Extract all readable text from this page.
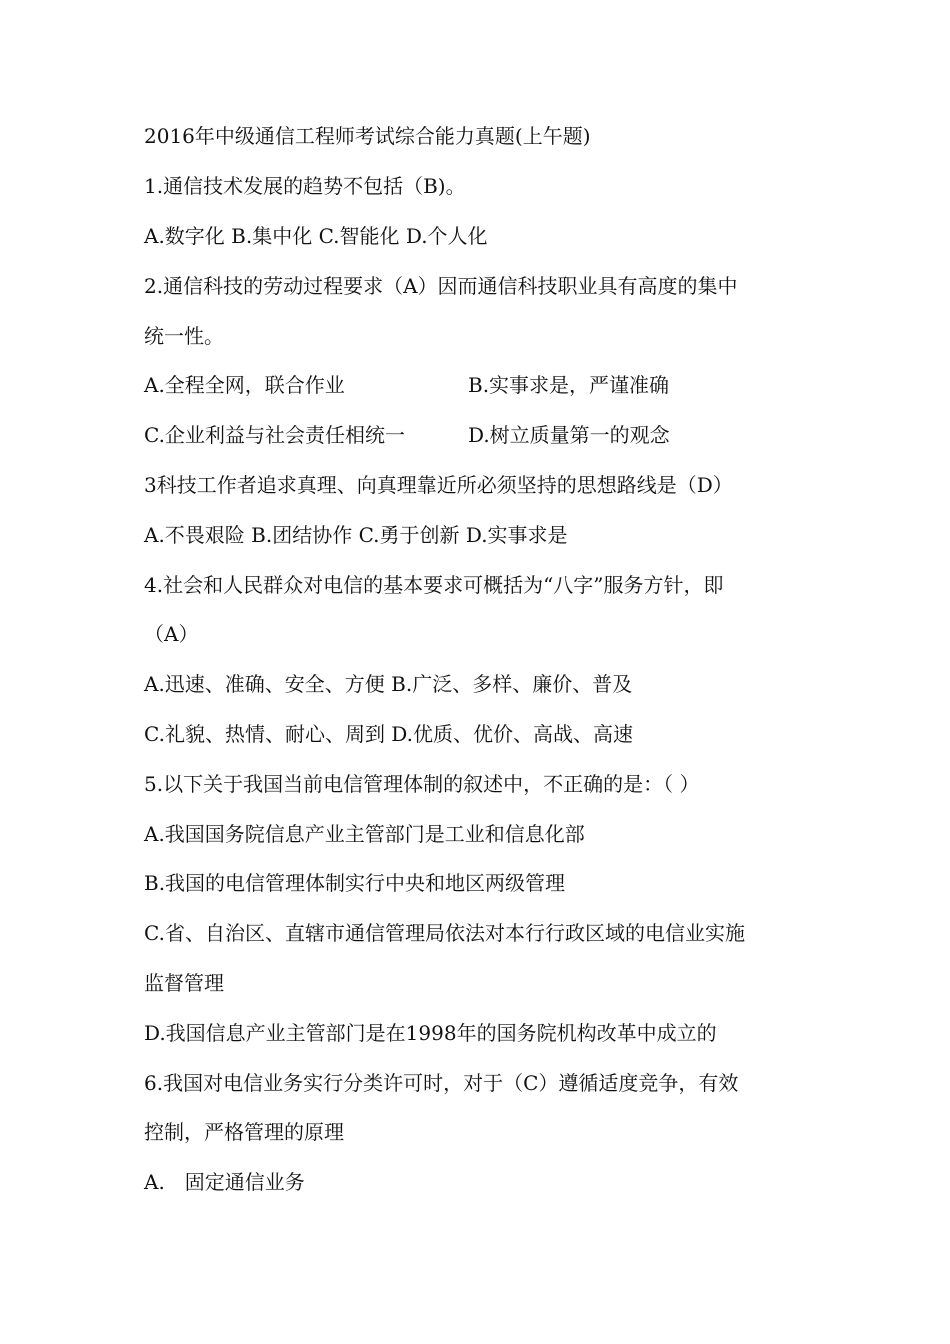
2016年中级通信工程师考试综合能力真题(上午题)
1.通信技术发展的趋势不包括（B)。
A.数字化 B.集中化 C.智能化 D.个人化
2.通信科技的劳动过程要求（A）因而通信科技职业具有高度的集中
统一性。
A.全程全网，联合作业	B.实事求是，严谨准确
C.企业利益与社会责任相统一	D.树立质量第一的观念
3科技工作者追求真理、向真理靠近所必须坚持的思想路线是（D）
A.不畏艰险 B.团结协作 C.勇于创新 D.实事求是
4.社会和人民群众对电信的基本要求可概括为“八字”服务方针，即
（A）
A.迅速、准确、安全、方便 B.广泛、多样、廉价、普及
C.礼貌、热情、耐心、周到 D.优质、优价、高战、高速
5.以下关于我国当前电信管理体制的叙述中，不正确的是：（ ）
A.我国国务院信息产业主管部门是工业和信息化部
B.我国的电信管理体制实行中央和地区两级管理
C.省、自治区、直辖市通信管理局依法对本行行政区域的电信业实施
监督管理
D.我国信息产业主管部门是在1998年的国务院机构改革中成立的
6.我国对电信业务实行分类许可时，对于（C）遵循适度竞争，有效
控制，严格管理的原理
A.　固定通信业务
